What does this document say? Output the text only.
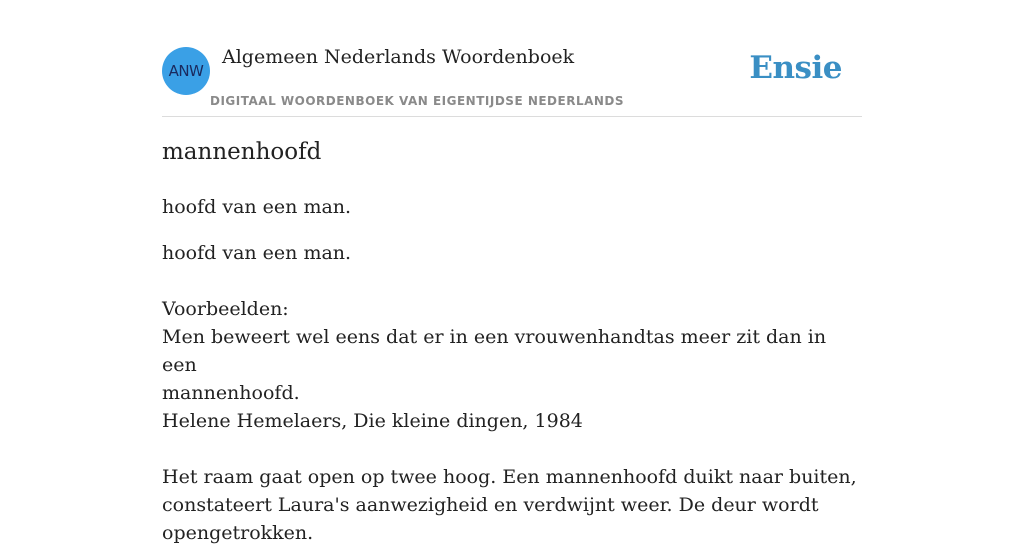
ANW
Algemeen Nederlands Woordenboek
DIGITAAL WOORDENBOEK VAN EIGENTIJDSE NEDERLANDS
Ensie
mannenhoofd
hoofd van een man.

hoofd van een man.

Voorbeelden:

Men beweert wel eens dat er in een vrouwenhandtas meer zit dan in een

mannenhoofd.

Helene Hemelaers, Die kleine dingen, 1984

Het raam gaat open op twee hoog. Een mannenhoofd duikt naar buiten,

constateert Laura's aanwezigheid en verdwijnt weer. De deur wordt

opengetrokken.
